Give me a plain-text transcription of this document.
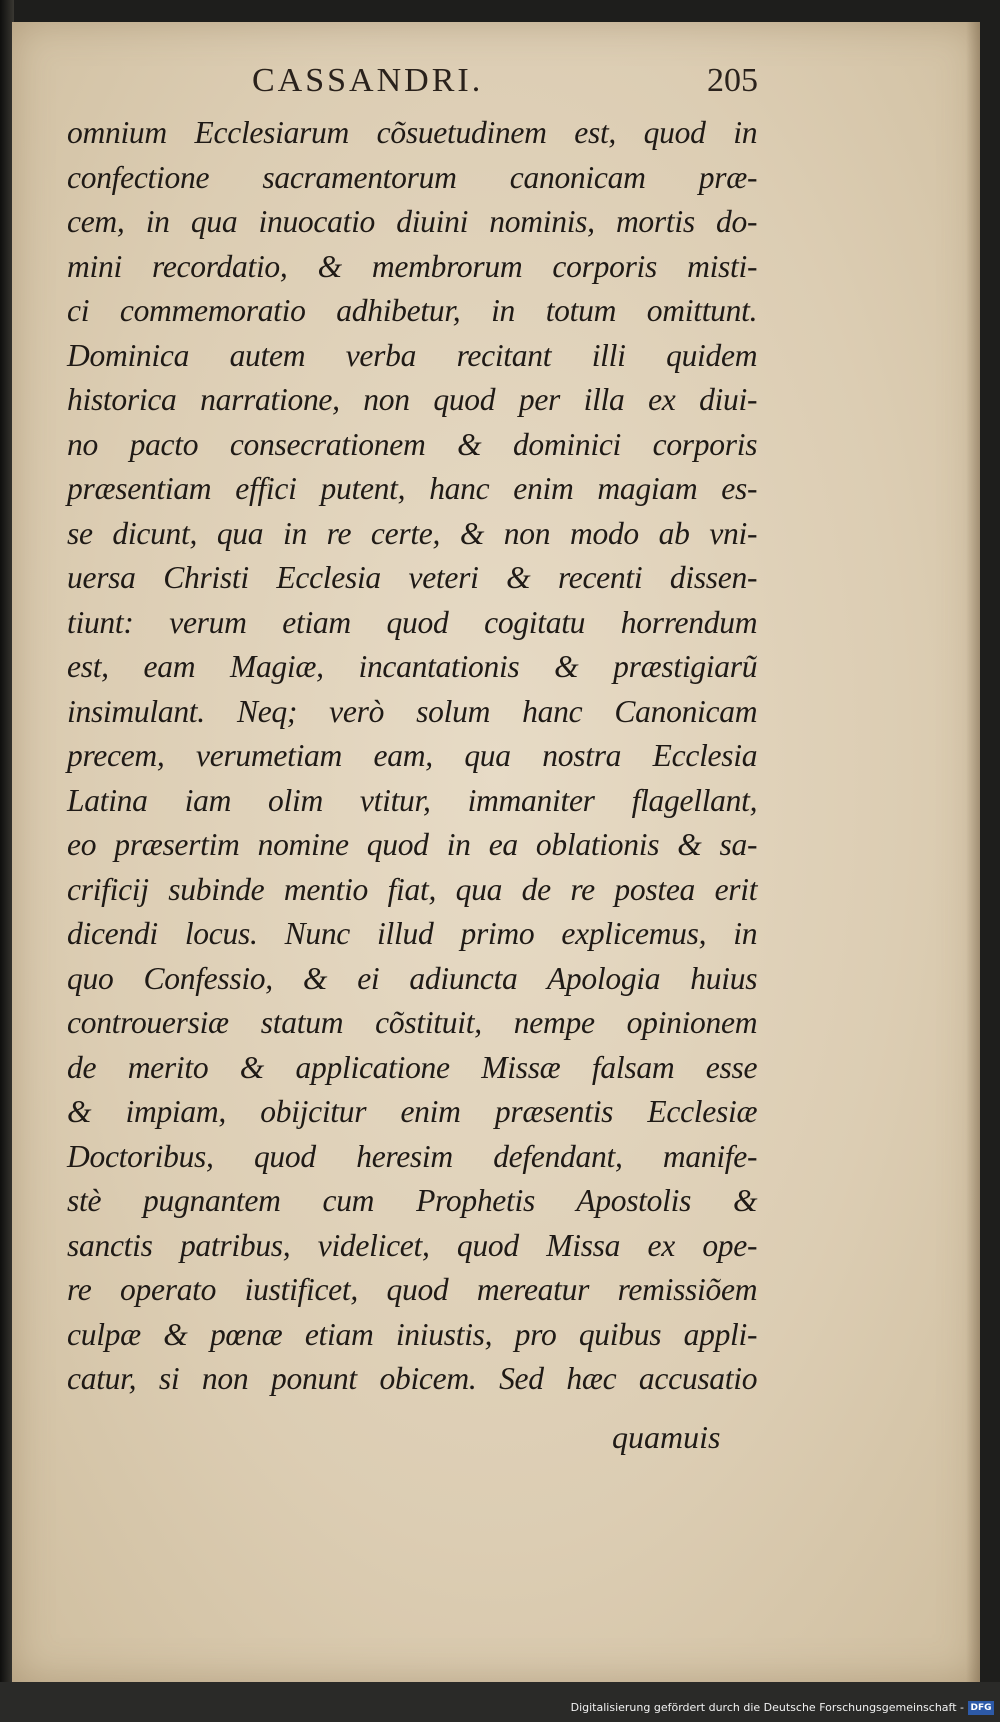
CASSANDRI.	205
omnium Ecclesiarum cõsuetudinem est, quod in
confectione sacramentorum canonicam præ-
cem, in qua inuocatio diuini nominis, mortis do-
mini recordatio, & membrorum corporis misti-
ci commemoratio adhibetur, in totum omittunt.
Dominica autem verba recitant illi quidem
historica narratione, non quod per illa ex diui-
no pacto consecrationem & dominici corporis
præsentiam effici putent, hanc enim magiam es-
se dicunt, qua in re certe, & non modo ab vni-
uersa Christi Ecclesia veteri & recenti dissen-
tiunt: verum etiam quod cogitatu horrendum
est, eam Magiæ, incantationis & præstigiarũ
insimulant. Neq; verò solum hanc Canonicam
precem, verumetiam eam, qua nostra Ecclesia
Latina iam olim vtitur, immaniter flagellant,
eo præsertim nomine quod in ea oblationis & sa-
crificij subinde mentio fiat, qua de re postea erit
dicendi locus. Nunc illud primo explicemus, in
quo Confessio, & ei adiuncta Apologia huius
controuersiæ statum cõstituit, nempe opinionem
de merito & applicatione Missæ falsam esse
& impiam, obijcitur enim præsentis Ecclesiæ
Doctoribus, quod heresim defendant, manife-
stè pugnantem cum Prophetis Apostolis &
sanctis patribus, videlicet, quod Missa ex ope-
re operato iustificet, quod mereatur remissiõem
culpæ & pœnæ etiam iniustis, pro quibus appli-
catur, si non ponunt obicem. Sed hæc accusatio
quamuis
Digitalisierung gefördert durch die Deutsche Forschungsgemeinschaft - DFG
